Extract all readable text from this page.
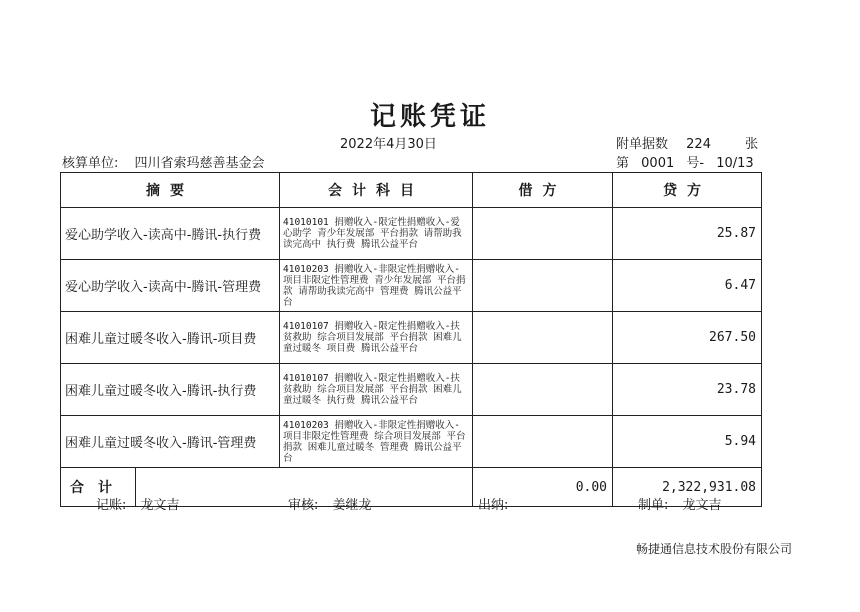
记账凭证
2022年4月30日	附单据数 224	张
核算单位: 四川省索玛慈善基金会	第 0001 号- 10/13
摘要	会计科目	借方	贷方
爱心助学收入-读高中-腾讯-执行费	41010101 捐赠收入-限定性捐赠收入-爱心助学 青少年发展部 平台捐款 请帮助我读完高中 执行费 腾讯公益平台		25.87
爱心助学收入-读高中-腾讯-管理费	41010203 捐赠收入-非限定性捐赠收入-项目非限定性管理费 青少年发展部 平台捐款 请帮助我读完高中 管理费 腾讯公益平台		6.47
困难儿童过暖冬收入-腾讯-项目费	41010107 捐赠收入-限定性捐赠收入-扶贫救助 综合项目发展部 平台捐款 困难儿童过暖冬 项目费 腾讯公益平台		267.50
困难儿童过暖冬收入-腾讯-执行费	41010107 捐赠收入-限定性捐赠收入-扶贫救助 综合项目发展部 平台捐款 困难儿童过暖冬 执行费 腾讯公益平台		23.78
困难儿童过暖冬收入-腾讯-管理费	41010203 捐赠收入-非限定性捐赠收入-项目非限定性管理费 综合项目发展部 平台捐款 困难儿童过暖冬 管理费 腾讯公益平台		5.94

合计		0.00	2,322,931.08
记账: 龙文吉	审核: 姜继龙	出纳:	制单: 龙文吉
畅捷通信息技术股份有限公司
